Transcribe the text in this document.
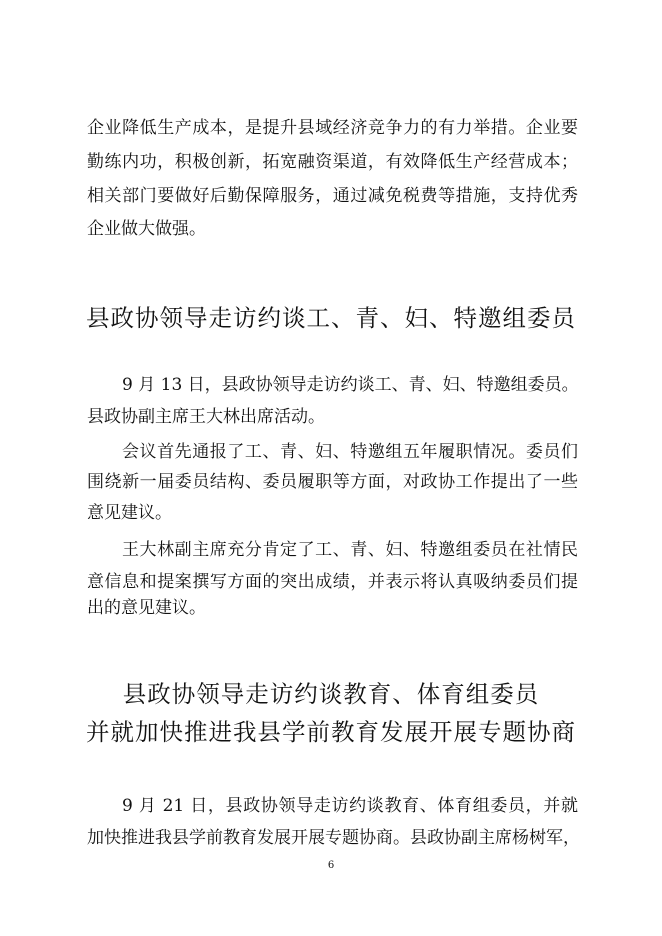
企业降低生产成本，是提升县域经济竞争力的有力举措。企业要
勤练内功，积极创新，拓宽融资渠道，有效降低生产经营成本；
相关部门要做好后勤保障服务，通过减免税费等措施，支持优秀
企业做大做强。
县政协领导走访约谈工、青、妇、特邀组委员
9 月 13 日，县政协领导走访约谈工、青、妇、特邀组委员。
县政协副主席王大林出席活动。
会议首先通报了工、青、妇、特邀组五年履职情况。委员们
围绕新一届委员结构、委员履职等方面，对政协工作提出了一些
意见建议。
王大林副主席充分肯定了工、青、妇、特邀组委员在社情民
意信息和提案撰写方面的突出成绩，并表示将认真吸纳委员们提
出的意见建议。
县政协领导走访约谈教育、体育组委员
并就加快推进我县学前教育发展开展专题协商
9 月 21 日，县政协领导走访约谈教育、体育组委员，并就
加快推进我县学前教育发展开展专题协商。县政协副主席杨树军，
6
